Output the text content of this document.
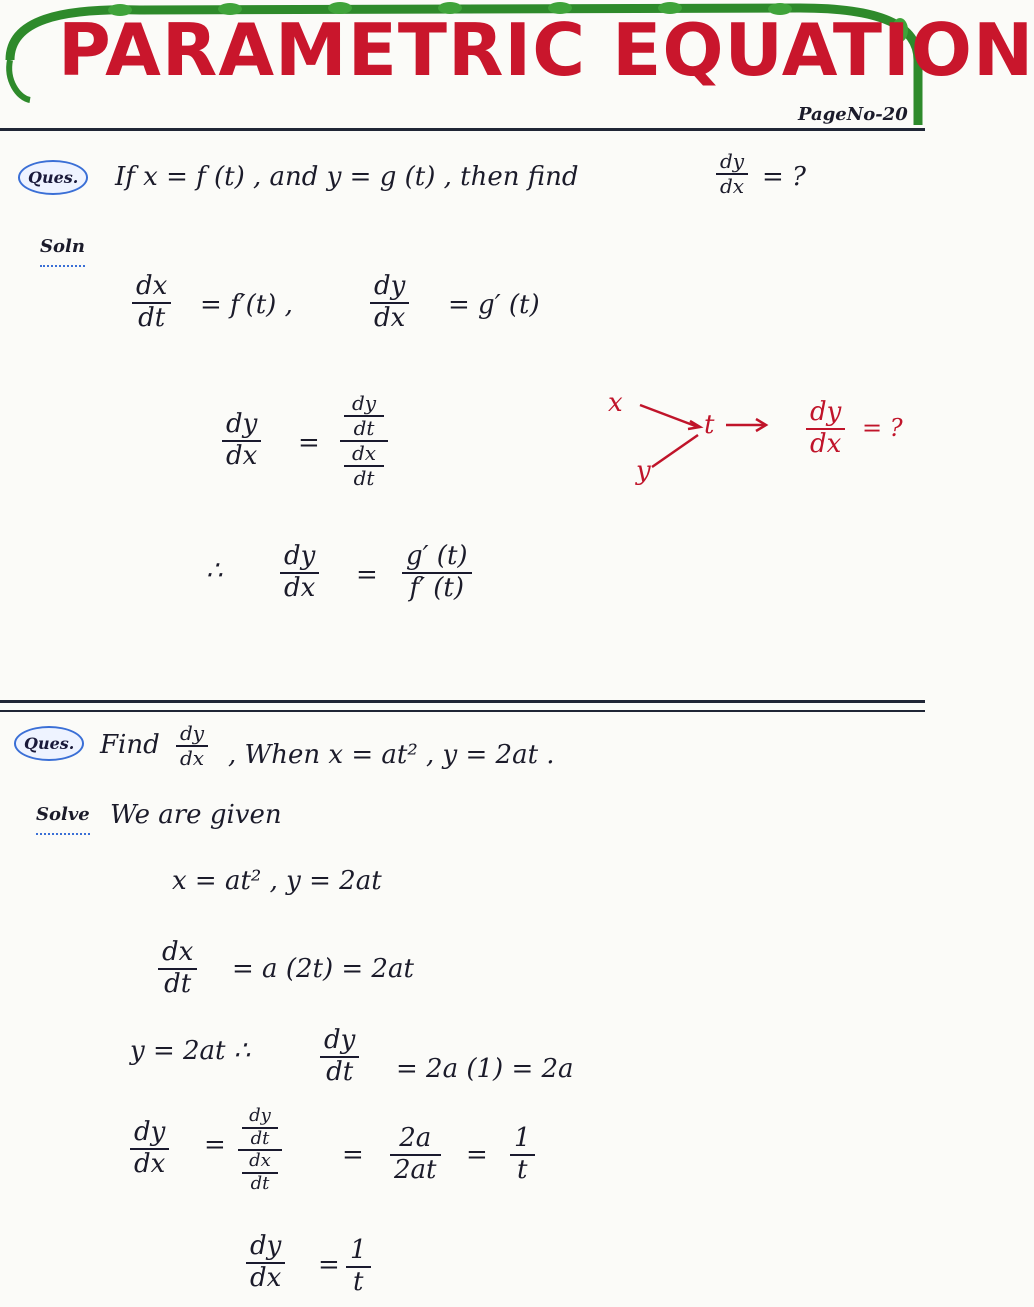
PARAMETRIC EQUATION
PageNo-20
Ques.	If x = f (t) , and y = g (t) , then find
dy
dx = ?
Soln
dx
dt = f′(t) ,
dy
dx = g′ (t)
dy
dx =
dy
dt
dx
dt
∴ dy
dx =
g′ (t)
f′ (t)
x
y
t	dy
dx
= ?
Ques. Find dy
dx , When x = at² , y = 2at .
Solve We are given
x = at² , y = 2at
dx
dt = a (2t) = 2at
y = 2at ∴	dy
dt = 2a (1) = 2a
dy
dx
=
dy
dt
dx
dt
=
2a
2at =
1
t
dy
dx = 1
t
